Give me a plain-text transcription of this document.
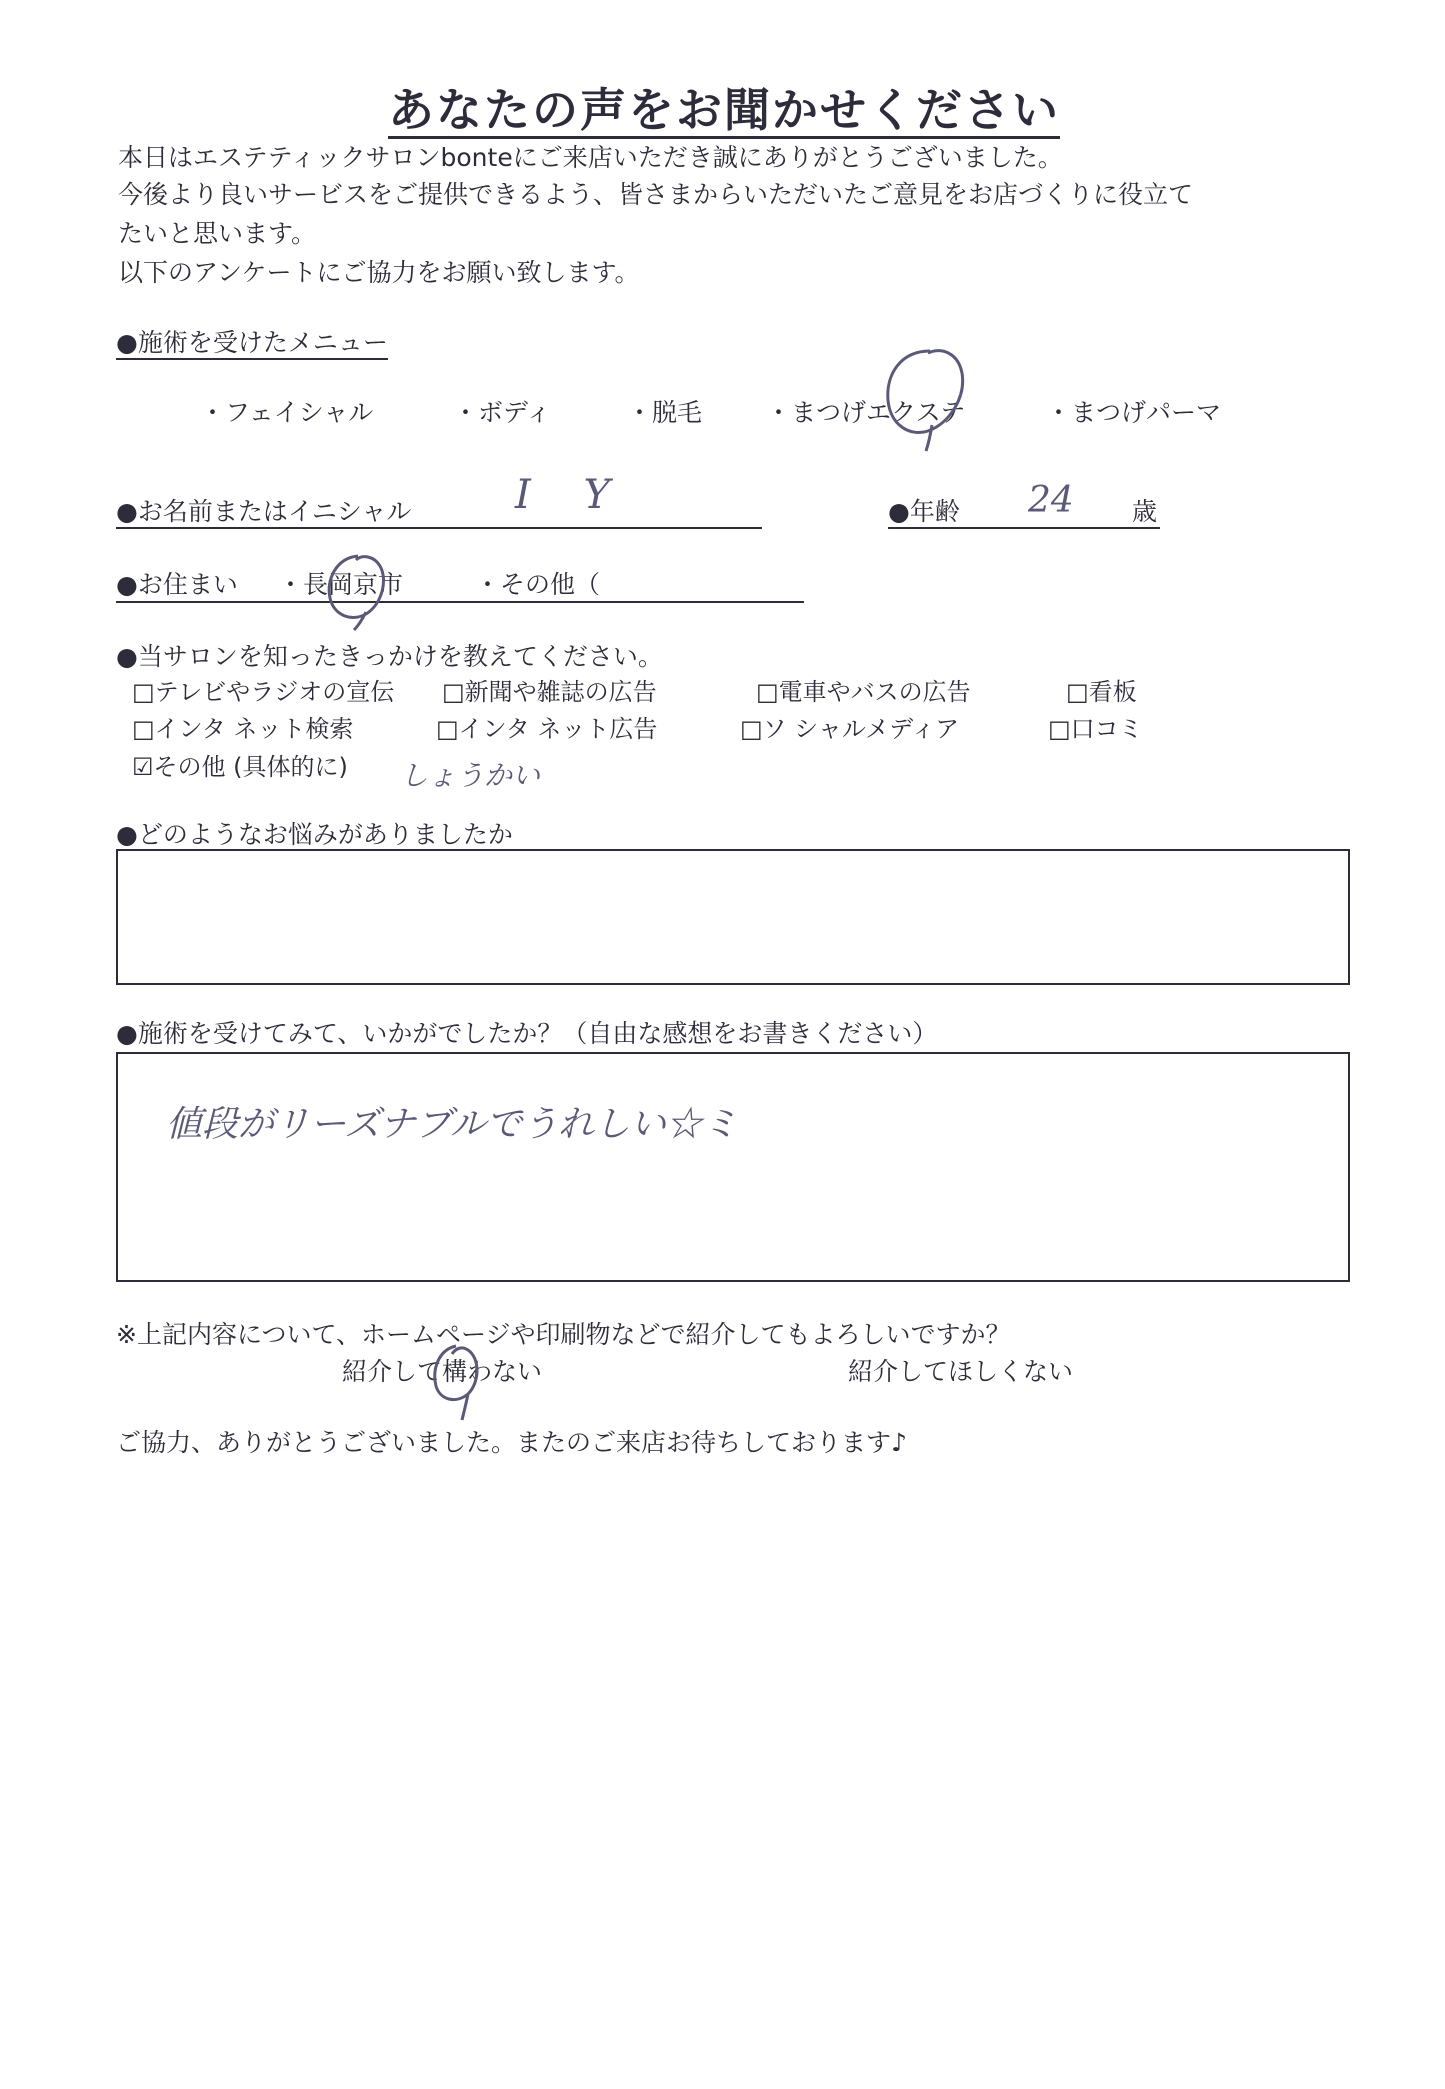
あなたの声をお聞かせください
本日はエステティックサロンbonteにご来店いただき誠にありがとうございました。
今後より良いサービスをご提供できるよう、皆さまからいただいたご意見をお店づくりに役立て
たいと思います。
以下のアンケートにご協力をお願い致します。
●施術を受けたメニュー
・フェイシャル	・ボディ	・脱毛	・まつげエクステ	・まつげパーマ
●お名前またはイニシャル	I Y	●年齢	24 歳
●お住まい ・長岡京市	・その他（
●当サロンを知ったきっかけを教えてください。
□テレビやラジオの宣伝 □新聞や雑誌の広告	□電車やバスの広告	□看板
□インタ ネット検索	□インタ ネット広告	□ソ シャルメディア	□口コミ
☑その他 (具体的に) しょうかい
●どのようなお悩みがありましたか
●施術を受けてみて、いかがでしたか？（自由な感想をお書きください）
値段がリーズナブルでうれしい☆ミ
※上記内容について、ホームページや印刷物などで紹介してもよろしいですか？
紹介して構わない	紹介してほしくない
ご協力、ありがとうございました。またのご来店お待ちしております♪
